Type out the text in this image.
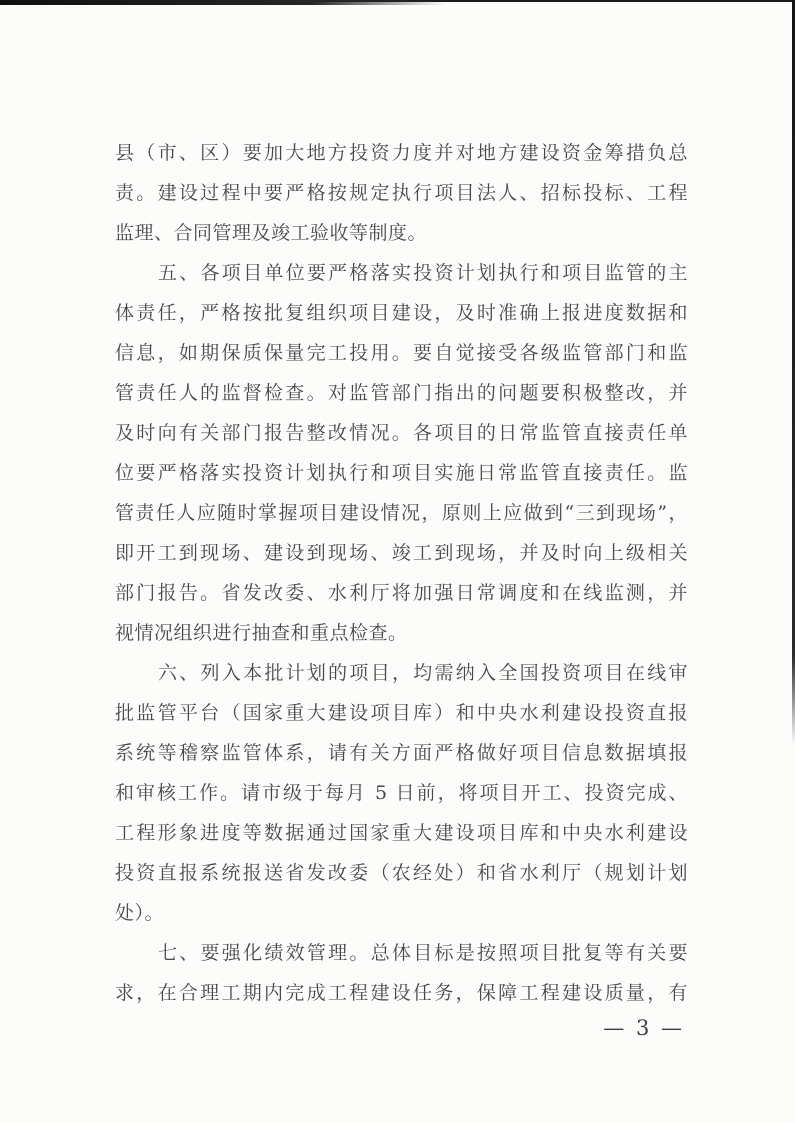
县（市、区）要加大地方投资力度并对地方建设资金筹措负总
责。建设过程中要严格按规定执行项目法人、招标投标、工程
监理、合同管理及竣工验收等制度。
五、各项目单位要严格落实投资计划执行和项目监管的主
体责任，严格按批复组织项目建设，及时准确上报进度数据和
信息，如期保质保量完工投用。要自觉接受各级监管部门和监
管责任人的监督检查。对监管部门指出的问题要积极整改，并
及时向有关部门报告整改情况。各项目的日常监管直接责任单
位要严格落实投资计划执行和项目实施日常监管直接责任。监
管责任人应随时掌握项目建设情况，原则上应做到“三到现场”，
即开工到现场、建设到现场、竣工到现场，并及时向上级相关
部门报告。省发改委、水利厅将加强日常调度和在线监测，并
视情况组织进行抽查和重点检查。
六、列入本批计划的项目，均需纳入全国投资项目在线审
批监管平台（国家重大建设项目库）和中央水利建设投资直报
系统等稽察监管体系，请有关方面严格做好项目信息数据填报
和审核工作。请市级于每月 5 日前，将项目开工、投资完成、
工程形象进度等数据通过国家重大建设项目库和中央水利建设
投资直报系统报送省发改委（农经处）和省水利厅（规划计划
处）。
七、要强化绩效管理。总体目标是按照项目批复等有关要
求，在合理工期内完成工程建设任务，保障工程建设质量，有
— 3 —
